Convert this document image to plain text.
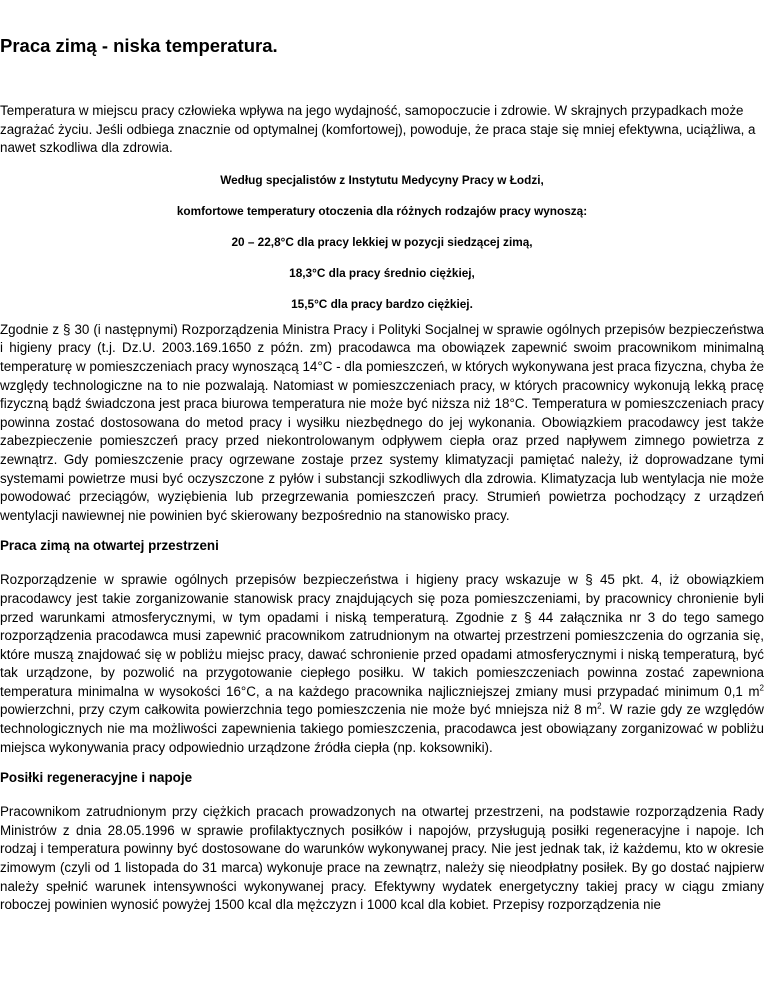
Praca zimą - niska temperatura.

Temperatura w miejscu pracy człowieka wpływa na jego wydajność, samopoczucie i zdrowie. W skrajnych przypadkach może zagrażać życiu. Jeśli odbiega znacznie od optymalnej (komfortowej), powoduje, że praca staje się mniej efektywna, uciążliwa, a nawet szkodliwa dla zdrowia.

Według specjalistów z Instytutu Medycyny Pracy w Łodzi,

komfortowe temperatury otoczenia dla różnych rodzajów pracy wynoszą:

20 – 22,8°C dla pracy lekkiej w pozycji siedzącej zimą,

18,3°C dla pracy średnio ciężkiej,

15,5°C dla pracy bardzo ciężkiej.

Zgodnie z § 30 (i następnymi) Rozporządzenia Ministra Pracy i Polityki Socjalnej w sprawie ogólnych przepisów bezpieczeństwa i higieny pracy (t.j. Dz.U. 2003.169.1650 z późn. zm) pracodawca ma obowiązek zapewnić swoim pracownikom minimalną temperaturę w pomieszczeniach pracy wynoszącą 14°C - dla pomieszczeń, w których wykonywana jest praca fizyczna, chyba że względy technologiczne na to nie pozwalają. Natomiast w pomieszczeniach pracy, w których pracownicy wykonują lekką pracę fizyczną bądź świadczona jest praca biurowa temperatura nie może być niższa niż 18°C. Temperatura w pomieszczeniach pracy powinna zostać dostosowana do metod pracy i wysiłku niezbędnego do jej wykonania. Obowiązkiem pracodawcy jest także zabezpieczenie pomieszczeń pracy przed niekontrolowanym odpływem ciepła oraz przed napływem zimnego powietrza z zewnątrz. Gdy pomieszczenie pracy ogrzewane zostaje przez systemy klimatyzacji pamiętać należy, iż doprowadzane tymi systemami powietrze musi być oczyszczone z pyłów i substancji szkodliwych dla zdrowia. Klimatyzacja lub wentylacja nie może powodować przeciągów, wyziębienia lub przegrzewania pomieszczeń pracy. Strumień powietrza pochodzący z urządzeń wentylacji nawiewnej nie powinien być skierowany bezpośrednio na stanowisko pracy.

Praca zimą na otwartej przestrzeni

Rozporządzenie w sprawie ogólnych przepisów bezpieczeństwa i higieny pracy wskazuje w § 45 pkt. 4, iż obowiązkiem pracodawcy jest takie zorganizowanie stanowisk pracy znajdujących się poza pomieszczeniami, by pracownicy chronienie byli przed warunkami atmosferycznymi, w tym opadami i niską temperaturą. Zgodnie z § 44 załącznika nr 3 do tego samego rozporządzenia pracodawca musi zapewnić pracownikom zatrudnionym na otwartej przestrzeni pomieszczenia do ogrzania się, które muszą znajdować się w pobliżu miejsc pracy, dawać schronienie przed opadami atmosferycznymi i niską temperaturą, być tak urządzone, by pozwolić na przygotowanie ciepłego posiłku. W takich pomieszczeniach powinna zostać zapewniona temperatura minimalna w wysokości 16°C, a na każdego pracownika najliczniejszej zmiany musi przypadać minimum 0,1 $m^2$ powierzchni, przy czym całkowita powierzchnia tego pomieszczenia nie może być mniejsza niż 8 $m^2$. W razie gdy ze względów technologicznych nie ma możliwości zapewnienia takiego pomieszczenia, pracodawca jest obowiązany zorganizować w pobliżu miejsca wykonywania pracy odpowiednio urządzone źródła ciepła (np. koksowniki).

Posiłki regeneracyjne i napoje

Pracownikom zatrudnionym przy ciężkich pracach prowadzonych na otwartej przestrzeni, na podstawie rozporządzenia Rady Ministrów z dnia 28.05.1996 w sprawie profilaktycznych posiłków i napojów, przysługują posiłki regeneracyjne i napoje. Ich rodzaj i temperatura powinny być dostosowane do warunków wykonywanej pracy. Nie jest jednak tak, iż każdemu, kto w okresie zimowym (czyli od 1 listopada do 31 marca) wykonuje prace na zewnątrz, należy się nieodpłatny posiłek. By go dostać najpierw należy spełnić warunek intensywności wykonywanej pracy. Efektywny wydatek energetyczny takiej pracy w ciągu zmiany roboczej powinien wynosić powyżej 1500 kcal dla mężczyzn i 1000 kcal dla kobiet. Przepisy rozporządzenia nie
